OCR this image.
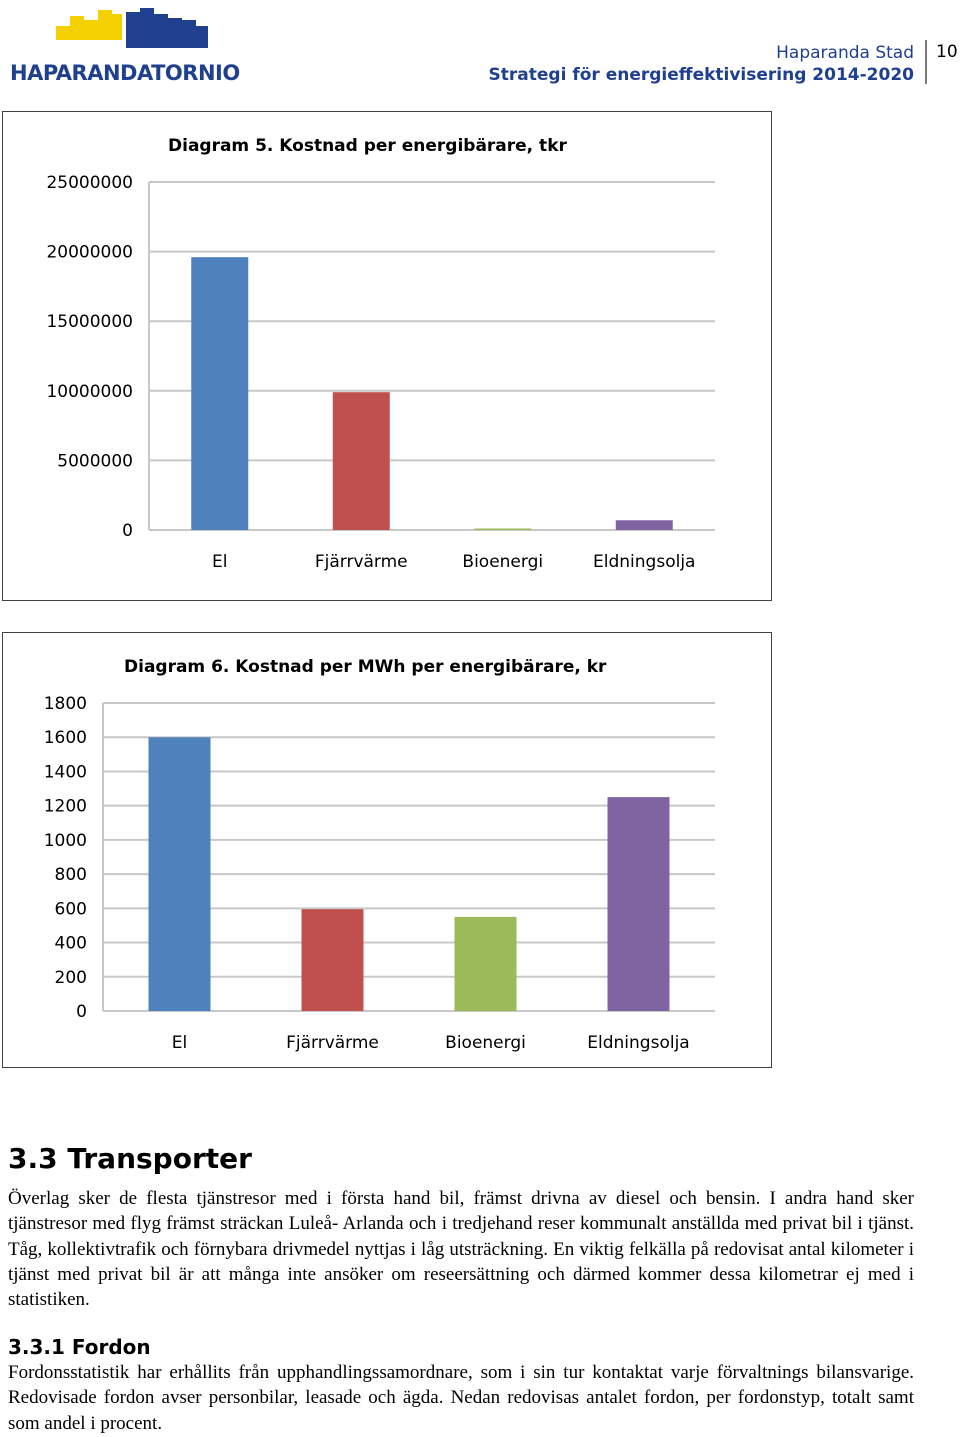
HAPARANDATORNIO
Haparanda Stad
Strategi för energieffektivisering 2014-2020
10
Diagram 5. Kostnad per energibärare, tkr
0
5000000
10000000
15000000
20000000
25000000
El	Fjärrvärme	Bioenergi	Eldningsolja
Diagram 6. Kostnad per MWh per energibärare, kr
0
200
400
600
800
1000
1200
1400
1600
1800
El	Fjärrvärme	Bioenergi	Eldningsolja
3.3 Transporter

Överlag sker de flesta tjänstresor med i första hand bil, främst drivna av diesel och bensin. I andra hand sker tjänstresor med flyg främst sträckan Luleå- Arlanda och i tredjehand reser kommunalt anställda med privat bil i tjänst. Tåg, kollektivtrafik och förnybara drivmedel nyttjas i låg utsträckning. En viktig felkälla på redovisat antal kilometer i tjänst med privat bil är att många inte ansöker om reseersättning och därmed kommer dessa kilometrar ej med i statistiken.

3.3.1 Fordon

Fordonsstatistik har erhållits från upphandlingssamordnare, som i sin tur kontaktat varje förvaltnings bilansvarige. Redovisade fordon avser personbilar, leasade och ägda. Nedan redovisas antalet fordon, per fordonstyp, totalt samt som andel i procent.
